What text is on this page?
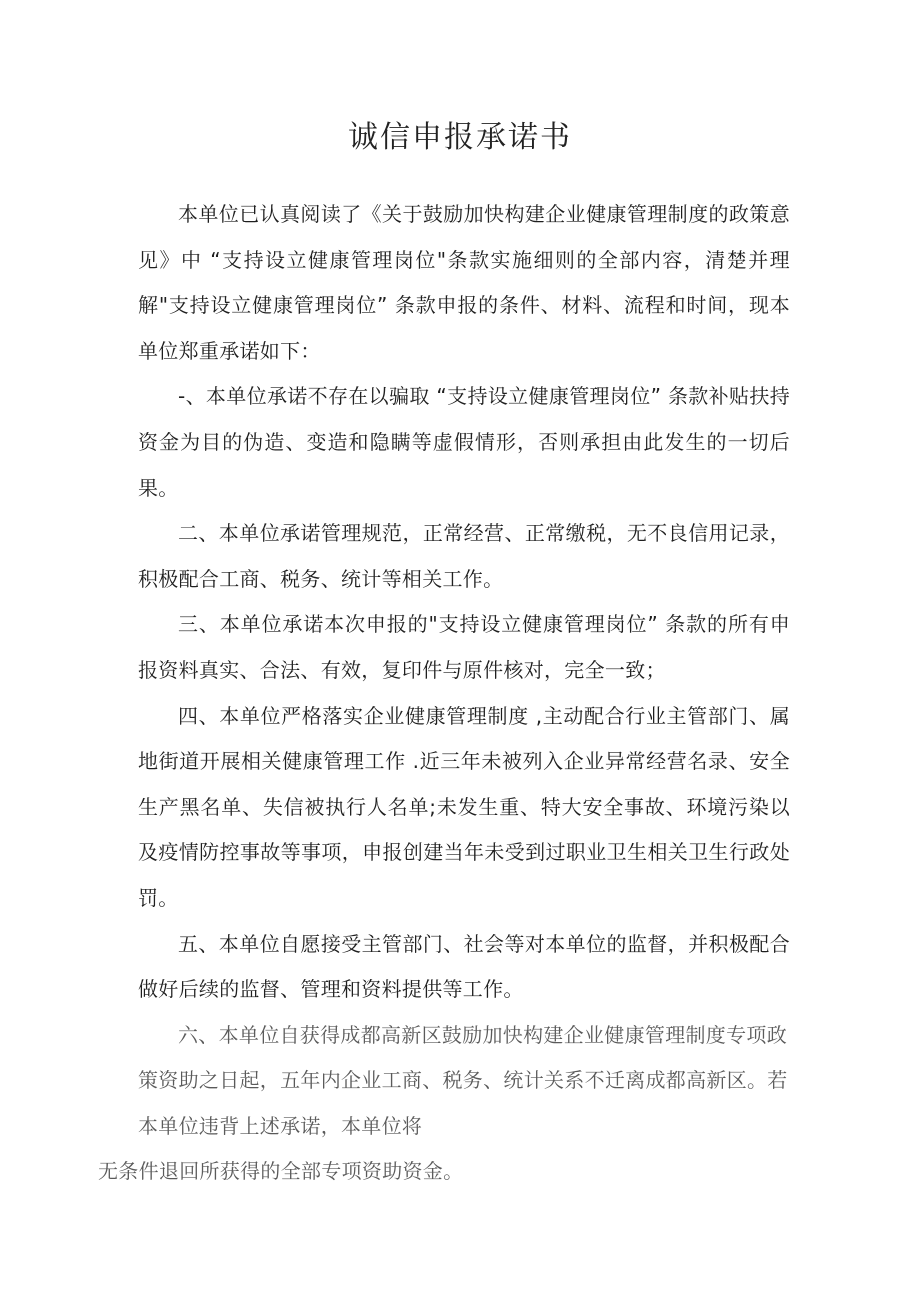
诚信申报承诺书

本单位已认真阅读了《关于鼓励加快构建企业健康管理制度的政策意见》中 “支持设立健康管理岗位"条款实施细则的全部内容，清楚并理解"支持设立健康管理岗位” 条款申报的条件、材料、流程和时间，现本单位郑重承诺如下：

-、本单位承诺不存在以骗取 “支持设立健康管理岗位” 条款补贴扶持资金为目的伪造、变造和隐瞒等虚假情形，否则承担由此发生的一切后果。

二、本单位承诺管理规范，正常经营、正常缴税，无不良信用记录，积极配合工商、税务、统计等相关工作。

三、本单位承诺本次申报的"支持设立健康管理岗位” 条款的所有申报资料真实、合法、有效，复印件与原件核对，完全一致；

四、本单位严格落实企业健康管理制度 ,主动配合行业主管部门、属地街道开展相关健康管理工作 .近三年未被列入企业异常经营名录、安全生产黑名单、失信被执行人名单;未发生重、特大安全事故、环境污染以及疫情防控事故等事项，申报创建当年未受到过职业卫生相关卫生行政处罚。

五、本单位自愿接受主管部门、社会等对本单位的监督，并积极配合做好后续的监督、管理和资料提供等工作。

六、本单位自获得成都高新区鼓励加快构建企业健康管理制度专项政策资助之日起，五年内企业工商、税务、统计关系不迁离成都高新区。若本单位违背上述承诺，本单位将
无条件退回所获得的全部专项资助资金。
